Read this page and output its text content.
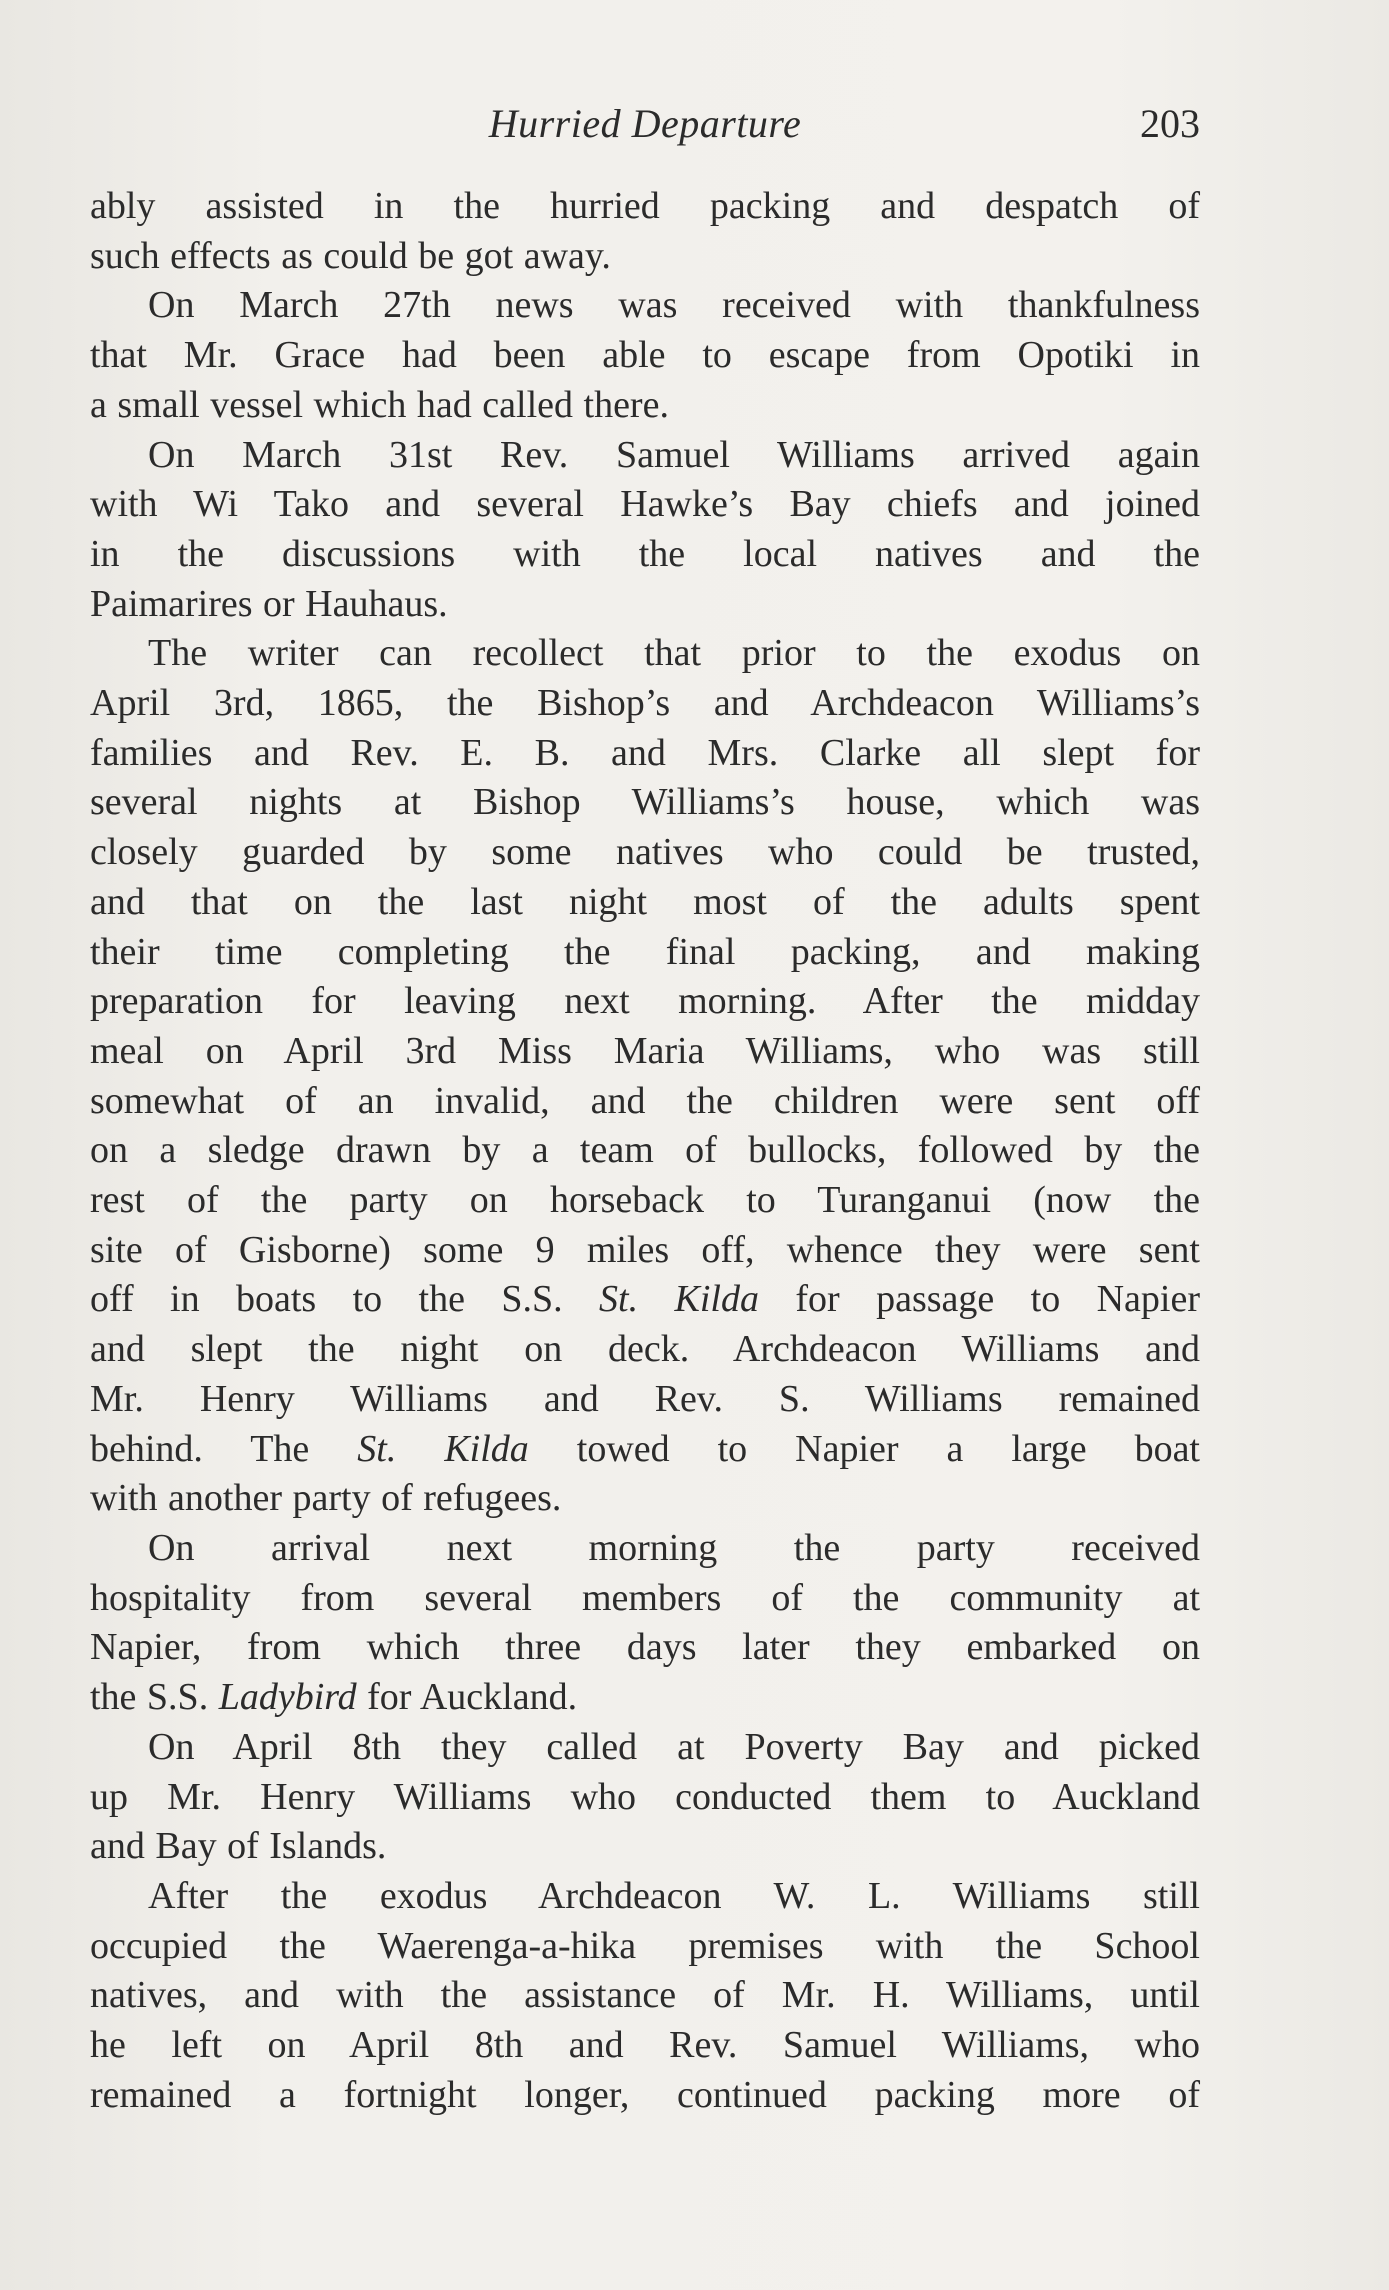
Hurried Departure	203
ably assisted in the hurried packing and despatch of
such effects as could be got away.
On March 27th news was received with thankfulness
that Mr. Grace had been able to escape from Opotiki in
a small vessel which had called there.
On March 31st Rev. Samuel Williams arrived again
with Wi Tako and several Hawke’s Bay chiefs and joined
in the discussions with the local natives and the
Paimarires or Hauhaus.
The writer can recollect that prior to the exodus on
April 3rd, 1865, the Bishop’s and Archdeacon Williams’s
families and Rev. E. B. and Mrs. Clarke all slept for
several nights at Bishop Williams’s house, which was
closely guarded by some natives who could be trusted,
and that on the last night most of the adults spent
their time completing the final packing, and making
preparation for leaving next morning. After the midday
meal on April 3rd Miss Maria Williams, who was still
somewhat of an invalid, and the children were sent off
on a sledge drawn by a team of bullocks, followed by the
rest of the party on horseback to Turanganui (now the
site of Gisborne) some 9 miles off, whence they were sent
off in boats to the S.S. St. Kilda for passage to Napier
and slept the night on deck. Archdeacon Williams and
Mr. Henry Williams and Rev. S. Williams remained
behind. The St. Kilda towed to Napier a large boat
with another party of refugees.
On arrival next morning the party received
hospitality from several members of the community at
Napier, from which three days later they embarked on
the S.S. Ladybird for Auckland.
On April 8th they called at Poverty Bay and picked
up Mr. Henry Williams who conducted them to Auckland
and Bay of Islands.
After the exodus Archdeacon W. L. Williams still
occupied the Waerenga-a-hika premises with the School
natives, and with the assistance of Mr. H. Williams, until
he left on April 8th and Rev. Samuel Williams, who
remained a fortnight longer, continued packing more of
